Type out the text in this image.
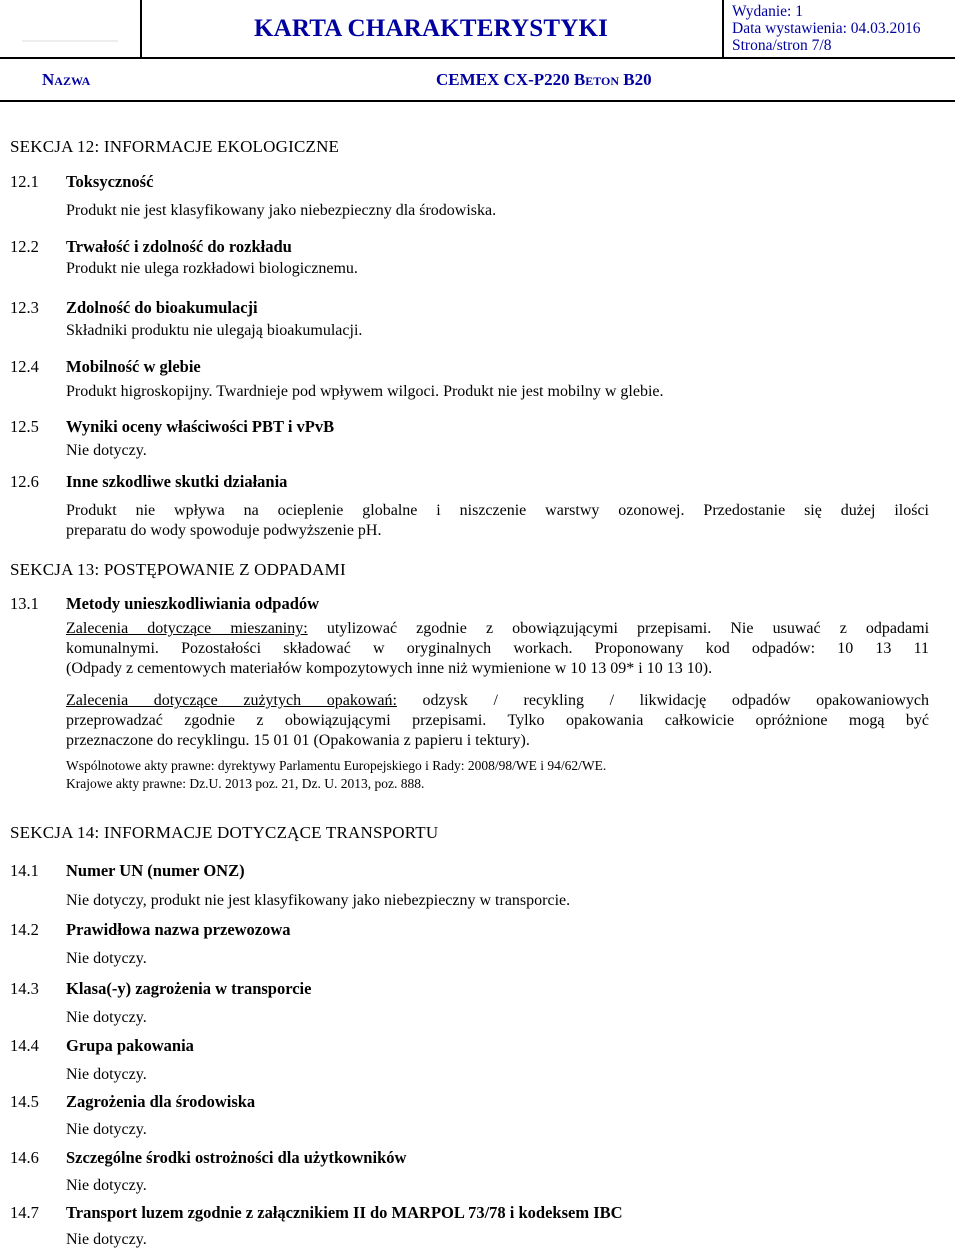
KARTA CHARAKTERYSTYKI
Wydanie: 1
Data wystawienia: 04.03.2016
Strona/stron 7/8
Nazwa	CEMEX CX-P220 Beton B20
SEKCJA 12: INFORMACJE EKOLOGICZNE
12.1 Toksyczność
Produkt nie jest klasyfikowany jako niebezpieczny dla środowiska.
12.2 Trwałość i zdolność do rozkładu
Produkt nie ulega rozkładowi biologicznemu.
12.3 Zdolność do bioakumulacji
Składniki produktu nie ulegają bioakumulacji.
12.4 Mobilność w glebie
Produkt higroskopijny. Twardnieje pod wpływem wilgoci. Produkt nie jest mobilny w glebie.
12.5 Wyniki oceny właściwości PBT i vPvB
Nie dotyczy.
12.6 Inne szkodliwe skutki działania
Produkt nie wpływa na ocieplenie globalne i niszczenie warstwy ozonowej. Przedostanie się dużej ilości
preparatu do wody spowoduje podwyższenie pH.
SEKCJA 13: POSTĘPOWANIE Z ODPADAMI
13.1 Metody unieszkodliwiania odpadów
Zalecenia dotyczące mieszaniny: utylizować zgodnie z obowiązującymi przepisami. Nie usuwać z odpadami
komunalnymi. Pozostałości składować w oryginalnych workach. Proponowany kod odpadów: 10 13 11
(Odpady z cementowych materiałów kompozytowych inne niż wymienione w 10 13 09* i 10 13 10).
Zalecenia dotyczące zużytych opakowań: odzysk / recykling / likwidację odpadów opakowaniowych
przeprowadzać zgodnie z obowiązującymi przepisami. Tylko opakowania całkowicie opróżnione mogą być
przeznaczone do recyklingu. 15 01 01 (Opakowania z papieru i tektury).
Wspólnotowe akty prawne: dyrektywy Parlamentu Europejskiego i Rady: 2008/98/WE i 94/62/WE.
Krajowe akty prawne: Dz.U. 2013 poz. 21, Dz. U. 2013, poz. 888.
SEKCJA 14: INFORMACJE DOTYCZĄCE TRANSPORTU
14.1 Numer UN (numer ONZ)
Nie dotyczy, produkt nie jest klasyfikowany jako niebezpieczny w transporcie.
14.2 Prawidłowa nazwa przewozowa
Nie dotyczy.
14.3 Klasa(-y) zagrożenia w transporcie
Nie dotyczy.
14.4 Grupa pakowania
Nie dotyczy.
14.5 Zagrożenia dla środowiska
Nie dotyczy.
14.6 Szczególne środki ostrożności dla użytkowników
Nie dotyczy.
14.7 Transport luzem zgodnie z załącznikiem II do MARPOL 73/78 i kodeksem IBC
Nie dotyczy.
